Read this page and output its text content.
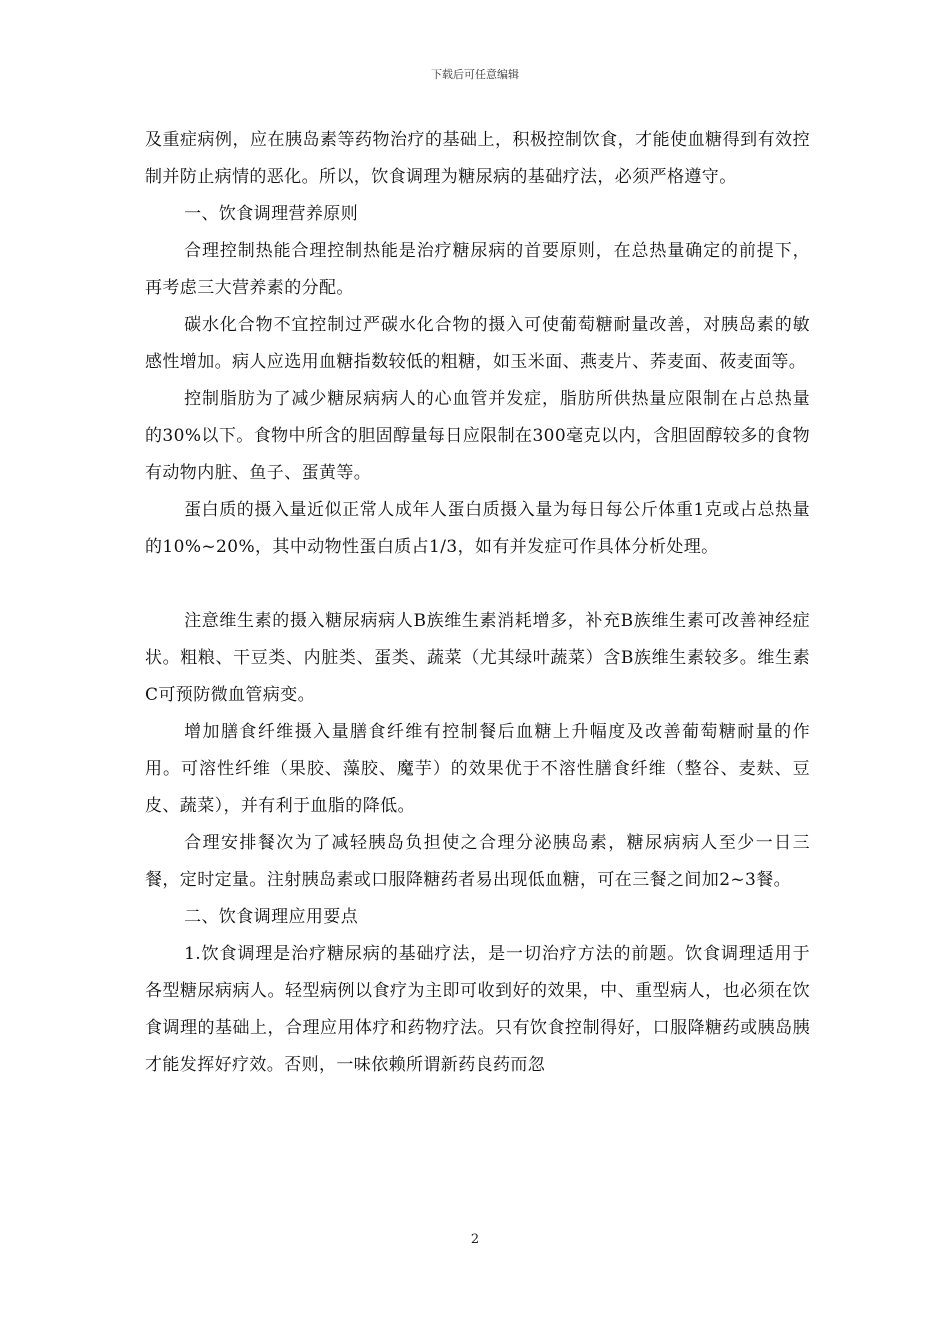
下载后可任意编辑

及重症病例，应在胰岛素等药物治疗的基础上，积极控制饮食，才能使血糖得到有效控制并防止病情的恶化。所以，饮食调理为糖尿病的基础疗法，必须严格遵守。

一、饮食调理营养原则

合理控制热能合理控制热能是治疗糖尿病的首要原则，在总热量确定的前提下，再考虑三大营养素的分配。

碳水化合物不宜控制过严碳水化合物的摄入可使葡萄糖耐量改善，对胰岛素的敏感性增加。病人应选用血糖指数较低的粗糖，如玉米面、燕麦片、荞麦面、莜麦面等。

控制脂肪为了减少糖尿病病人的心血管并发症，脂肪所供热量应限制在占总热量的30%以下。食物中所含的胆固醇量每日应限制在300毫克以内，含胆固醇较多的食物有动物内脏、鱼子、蛋黄等。

蛋白质的摄入量近似正常人成年人蛋白质摄入量为每日每公斤体重1克或占总热量的10%~20%，其中动物性蛋白质占1/3，如有并发症可作具体分析处理。

注意维生素的摄入糖尿病病人B族维生素消耗增多，补充B族维生素可改善神经症状。粗粮、干豆类、内脏类、蛋类、蔬菜（尤其绿叶蔬菜）含B族维生素较多。维生素C可预防微血管病变。

增加膳食纤维摄入量膳食纤维有控制餐后血糖上升幅度及改善葡萄糖耐量的作用。可溶性纤维（果胶、藻胶、魔芋）的效果优于不溶性膳食纤维（整谷、麦麸、豆皮、蔬菜），并有利于血脂的降低。

合理安排餐次为了减轻胰岛负担使之合理分泌胰岛素，糖尿病病人至少一日三餐，定时定量。注射胰岛素或口服降糖药者易出现低血糖，可在三餐之间加2~3餐。

二、饮食调理应用要点

1.饮食调理是治疗糖尿病的基础疗法，是一切治疗方法的前题。饮食调理适用于各型糖尿病病人。轻型病例以食疗为主即可收到好的效果，中、重型病人，也必须在饮食调理的基础上，合理应用体疗和药物疗法。只有饮食控制得好，口服降糖药或胰岛胰才能发挥好疗效。否则，一味依赖所谓新药良药而忽

2
